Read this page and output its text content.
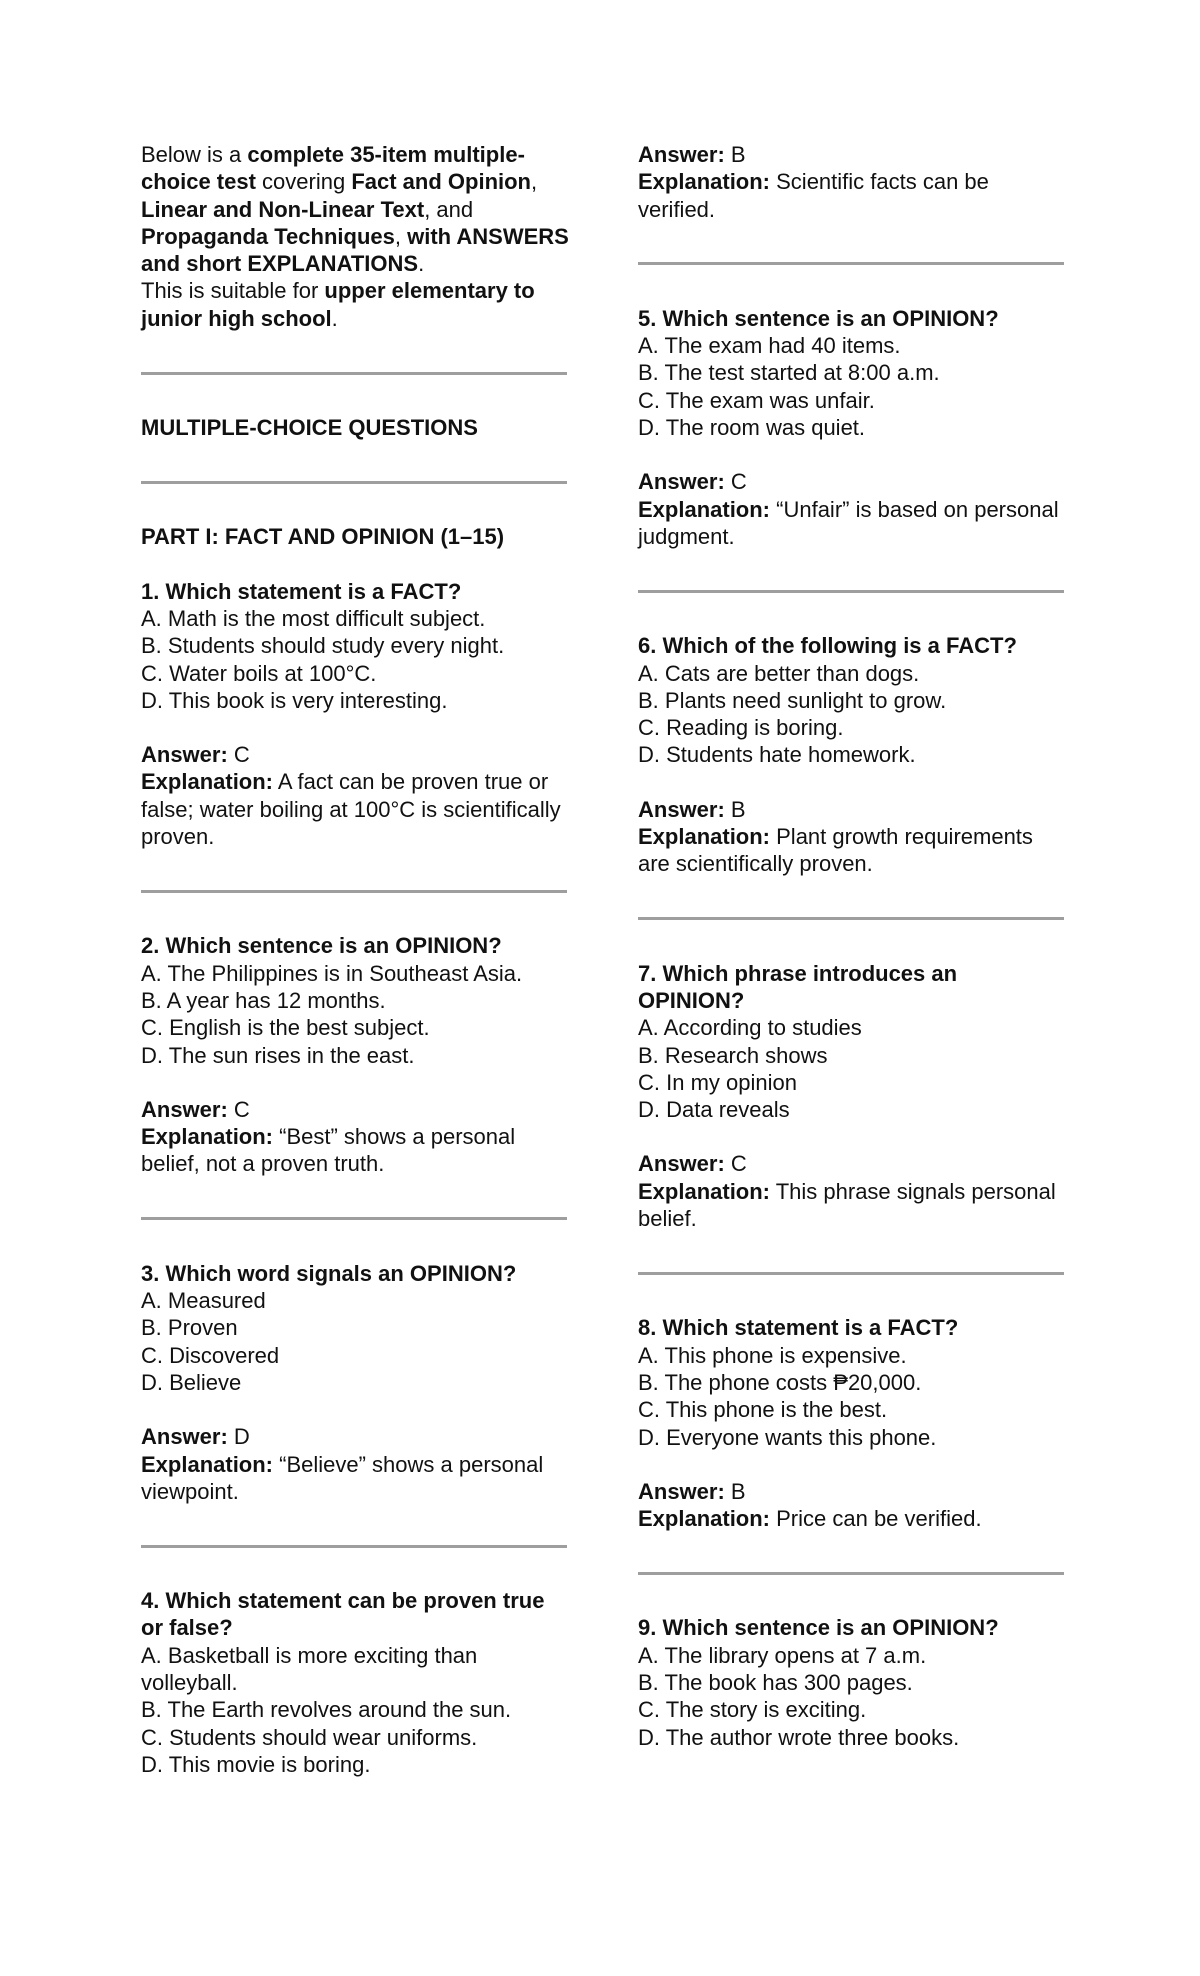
Below is a complete 35-item multiple-choice test covering Fact and Opinion, Linear and Non-Linear Text, and Propaganda Techniques, with ANSWERS and short EXPLANATIONS.

This is suitable for upper elementary to junior high school.

MULTIPLE-CHOICE QUESTIONS

PART I: FACT AND OPINION (1–15)

1. Which statement is a FACT?

A. Math is the most difficult subject.

B. Students should study every night.

C. Water boils at 100°C.

D. This book is very interesting.

Answer: C

Explanation: A fact can be proven true or false; water boiling at 100°C is scientifically proven.

2. Which sentence is an OPINION?

A. The Philippines is in Southeast Asia.

B. A year has 12 months.

C. English is the best subject.

D. The sun rises in the east.

Answer: C

Explanation: “Best” shows a personal belief, not a proven truth.

3. Which word signals an OPINION?

A. Measured

B. Proven

C. Discovered

D. Believe

Answer: D

Explanation: “Believe” shows a personal viewpoint.

4. Which statement can be proven true or false?

A. Basketball is more exciting than volleyball.

B. The Earth revolves around the sun.

C. Students should wear uniforms.

D. This movie is boring.

Answer: B

Explanation: Scientific facts can be verified.

5. Which sentence is an OPINION?

A. The exam had 40 items.

B. The test started at 8:00 a.m.

C. The exam was unfair.

D. The room was quiet.

Answer: C

Explanation: “Unfair” is based on personal judgment.

6. Which of the following is a FACT?

A. Cats are better than dogs.

B. Plants need sunlight to grow.

C. Reading is boring.

D. Students hate homework.

Answer: B

Explanation: Plant growth requirements are scientifically proven.

7. Which phrase introduces an OPINION?

A. According to studies

B. Research shows

C. In my opinion

D. Data reveals

Answer: C

Explanation: This phrase signals personal belief.

8. Which statement is a FACT?

A. This phone is expensive.

B. The phone costs ₱20,000.

C. This phone is the best.

D. Everyone wants this phone.

Answer: B

Explanation: Price can be verified.

9. Which sentence is an OPINION?

A. The library opens at 7 a.m.

B. The book has 300 pages.

C. The story is exciting.

D. The author wrote three books.
